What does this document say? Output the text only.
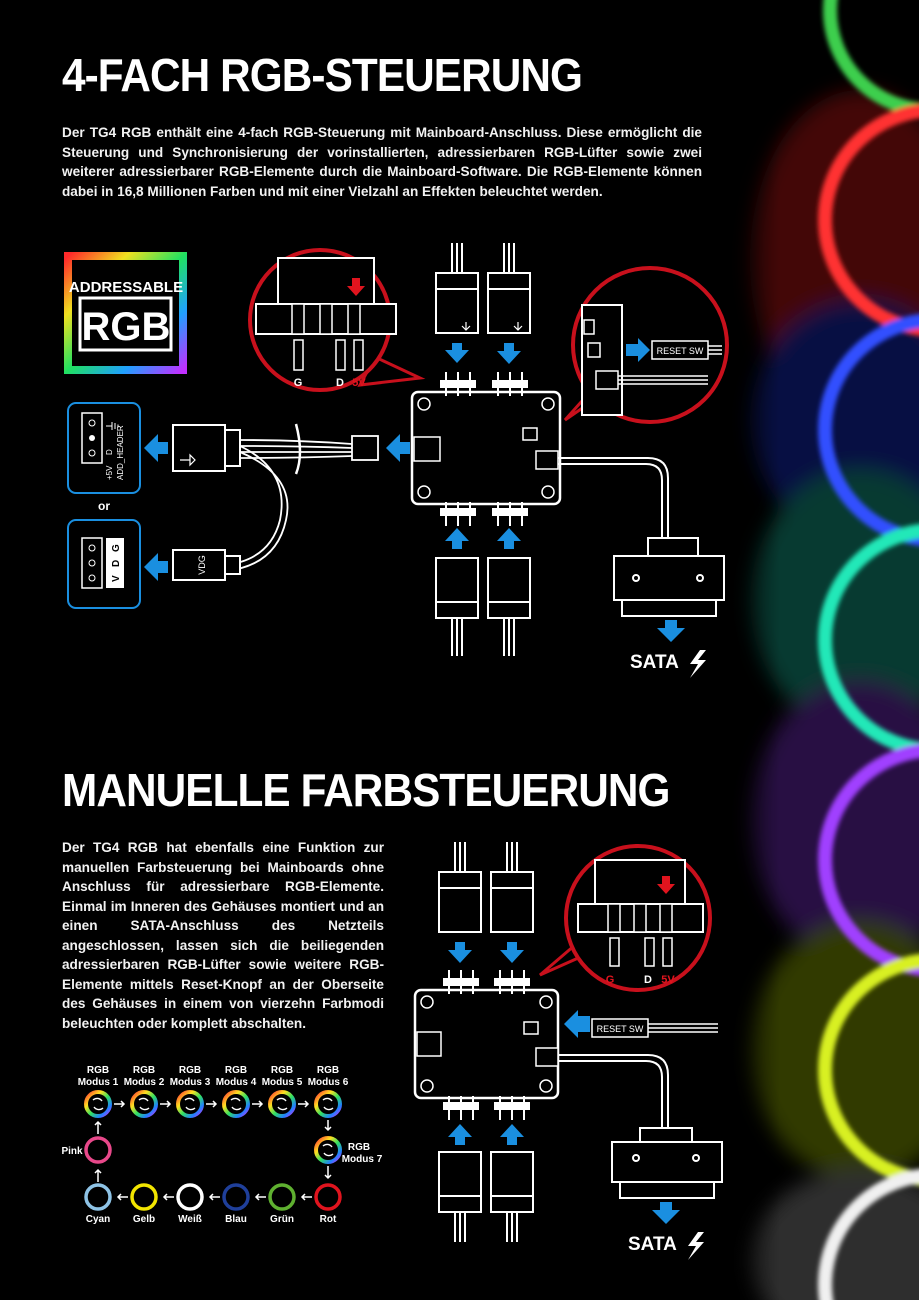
4-FACH RGB-STEUERUNG

Der TG4 RGB enthält eine 4-fach RGB-Steuerung mit Mainboard-Anschluss. Diese ermöglicht die Steuerung und Synchronisierung der vorinstallierten, adressierbaren RGB-Lüfter sowie zwei weiterer adressierbarer RGB-Elemente durch die Mainboard-Software. Die RGB-Elemente können dabei in 16,8 Millionen Farben und mit einer Vielzahl an Effekten beleuchtet werden.

MANUELLE FARBSTEUERUNG

Der TG4 RGB hat ebenfalls eine Funktion zur manuellen Farbsteuerung bei Mainboards ohne Anschluss für adressierbare RGB-Elemente. Einmal im Inneren des Gehäuses montiert und an einen SATA-Anschluss des Netzteils angeschlossen, lassen sich die beiliegenden adressierbaren RGB-Lüfter sowie weitere RGB-Elemente mittels Reset-Knopf an der Oberseite des Gehäuses in einem von vierzehn Farbmodi beleuchten oder komplett abschalten.

ADDRESSABLE
RGB
G	D 5V
RESET SW
SATA
VDG
+5V
D ADD_HEADER
or
V
D
G
G	D 5V
RESET SW
SATA
RGB
Modus 1
RGB
Modus 2
RGB
Modus 3
RGB
Modus 4
RGB
Modus 5
RGB
Modus 6
Cyan Gelb Weiß Blau Grün	Rot
RGB
Modus 7
Pink
